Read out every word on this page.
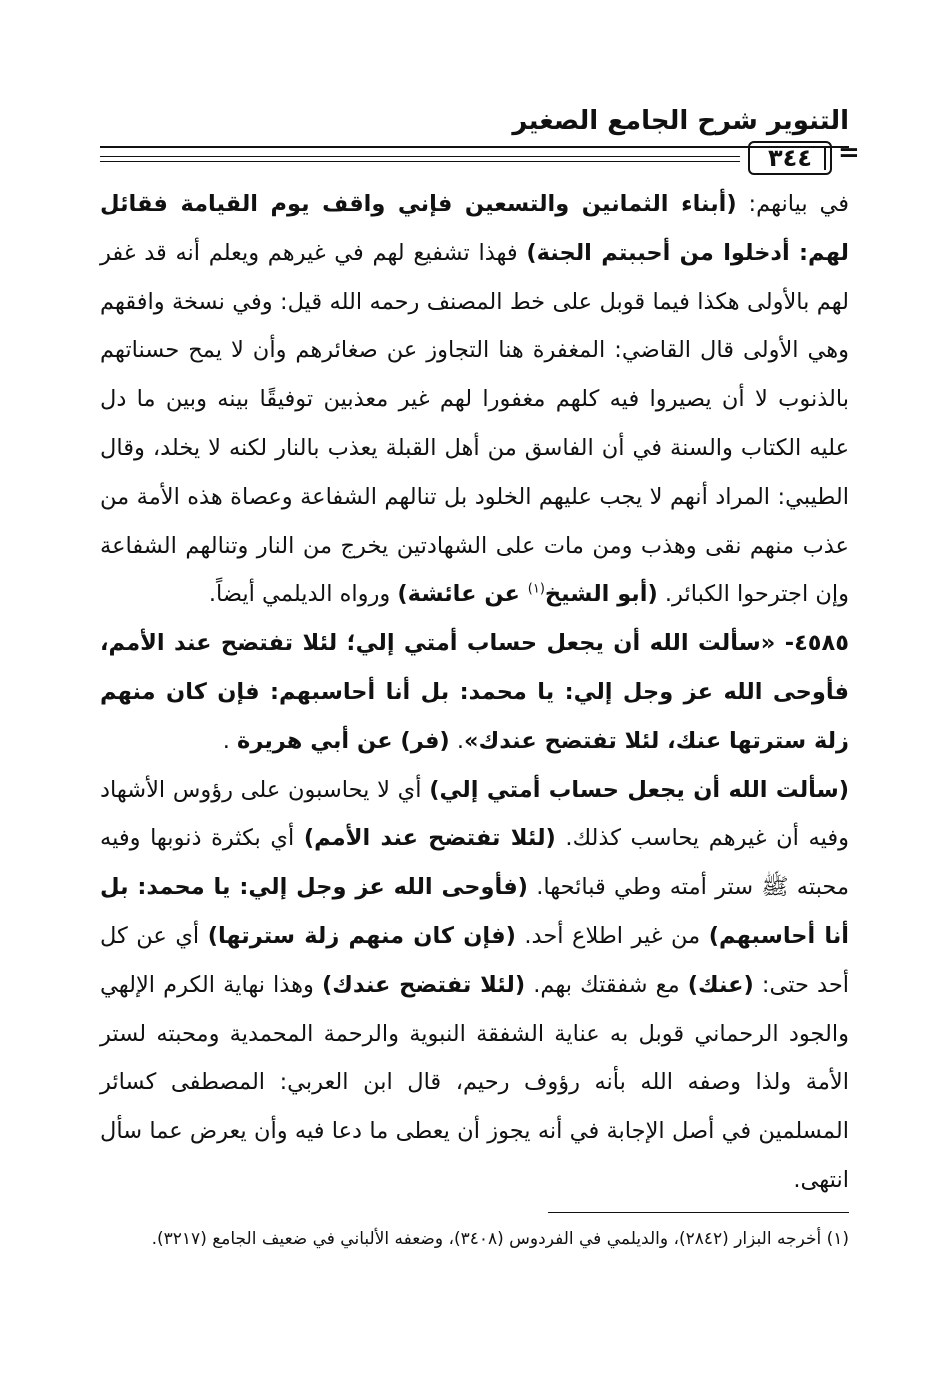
التنوير شرح الجامع الصغير
٣٤٤ =

في بيانهم: (أبناء الثمانين والتسعين فإني واقف يوم القيامة فقائل لهم: أدخلوا من أحببتم الجنة) فهذا تشفيع لهم في غيرهم ويعلم أنه قد غفر لهم بالأولى هكذا فيما قوبل على خط المصنف رحمه الله قيل: وفي نسخة وافقهم وهي الأولى قال القاضي: المغفرة هنا التجاوز عن صغائرهم وأن لا يمح حسناتهم بالذنوب لا أن يصيروا فيه كلهم مغفورا لهم غير معذبين توفيقًا بينه وبين ما دل عليه الكتاب والسنة في أن الفاسق من أهل القبلة يعذب بالنار لكنه لا يخلد، وقال الطيبي: المراد أنهم لا يجب عليهم الخلود بل تنالهم الشفاعة وعصاة هذه الأمة من عذب منهم نقى وهذب ومن مات على الشهادتين يخرج من النار وتنالهم الشفاعة وإن اجترحوا الكبائر. (أبو الشيخ$^{(١)}$ عن عائشة) ورواه الديلمي أيضاً.

٤٥٨٥- «سألت الله أن يجعل حساب أمتي إلي؛ لئلا تفتضح عند الأمم، فأوحى الله عز وجل إلي: يا محمد: بل أنا أحاسبهم: فإن كان منهم زلة سترتها عنك، لئلا تفتضح عندك». (فر) عن أبي هريرة .

(سألت الله أن يجعل حساب أمتي إلي) أي لا يحاسبون على رؤوس الأشهاد وفيه أن غيرهم يحاسب كذلك. (لئلا تفتضح عند الأمم) أي بكثرة ذنوبها وفيه محبته ﷺ ستر أمته وطي قبائحها. (فأوحى الله عز وجل إلي: يا محمد: بل أنا أحاسبهم) من غير اطلاع أحد. (فإن كان منهم زلة سترتها) أي عن كل أحد حتى: (عنك) مع شفقتك بهم. (لئلا تفتضح عندك) وهذا نهاية الكرم الإلهي والجود الرحماني قوبل به عناية الشفقة النبوية والرحمة المحمدية ومحبته لستر الأمة ولذا وصفه الله بأنه رؤوف رحيم، قال ابن العربي: المصطفى كسائر المسلمين في أصل الإجابة في أنه يجوز أن يعطى ما دعا فيه وأن يعرض عما سأل انتهى.

(١) أخرجه البزار (٢٨٤٢)، والديلمي في الفردوس (٣٤٠٨)، وضعفه الألباني في ضعيف الجامع (٣٢١٧).
